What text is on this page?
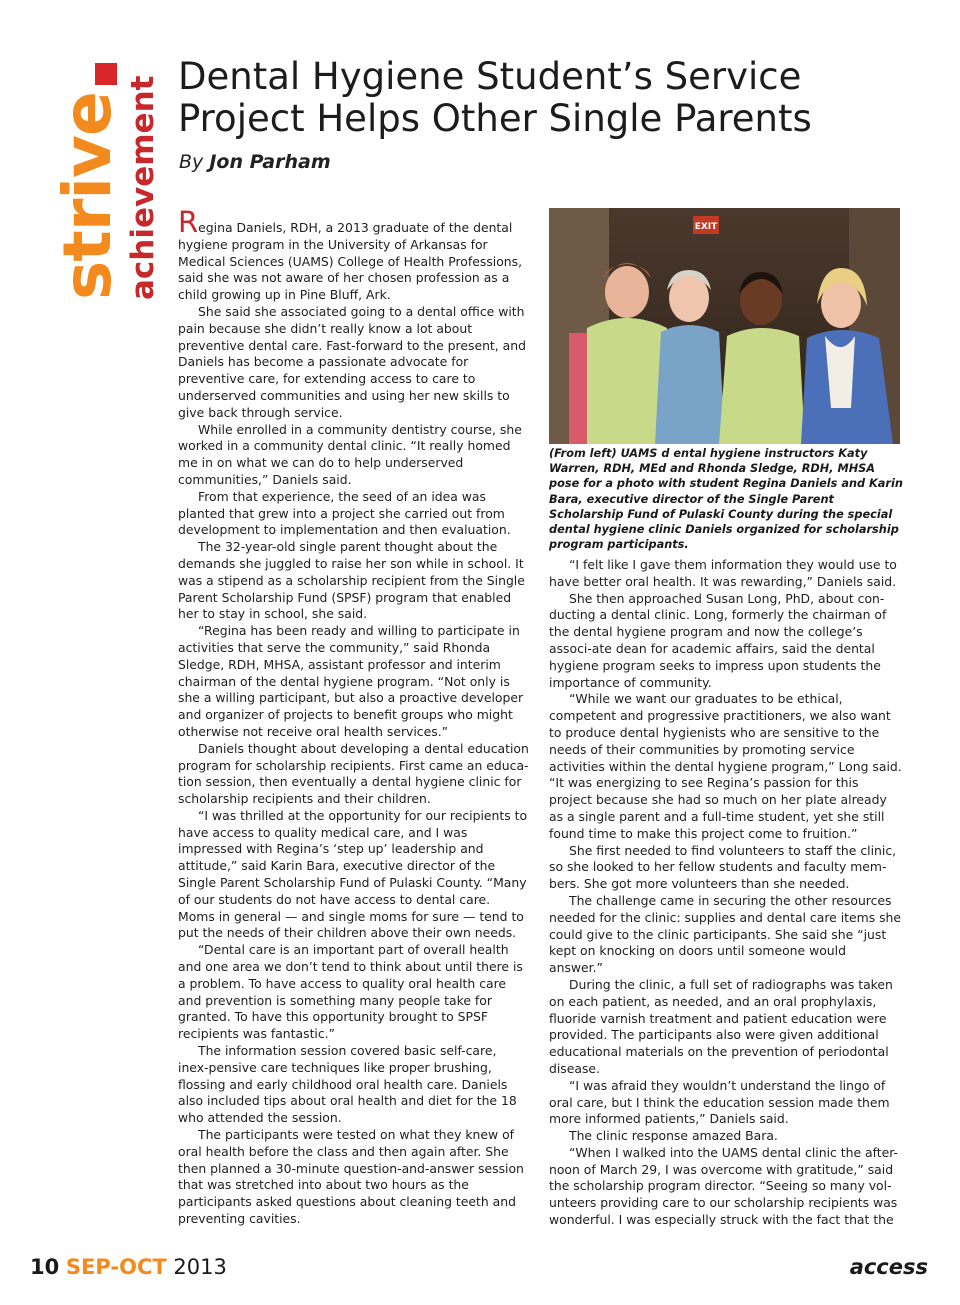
strive achievement Dental Hygiene Student’s Service Project Helps Other Single Parents
By Jon Parham

Regina Daniels, RDH, a 2013 graduate of the dental hygiene program in the University of Arkansas for Medical Sciences (UAMS) College of Health Professions, said she was not aware of her chosen profession as a child growing up in Pine Bluff, Ark.

She said she associated going to a dental office with pain because she didn’t really know a lot about preventive dental care. Fast-forward to the present, and Daniels has become a passionate advocate for preventive care, for extending access to care to underserved communities and using her new skills to give back through service.

While enrolled in a community dentistry course, she worked in a community dental clinic. “It really homed me in on what we can do to help underserved communities,” Daniels said.

From that experience, the seed of an idea was planted that grew into a project she carried out from development to implementation and then evaluation.

The 32-year-old single parent thought about the demands she juggled to raise her son while in school. It was a stipend as a scholarship recipient from the Single Parent Scholarship Fund (SPSF) program that enabled her to stay in school, she said.

“Regina has been ready and willing to participate in activities that serve the community,” said Rhonda Sledge, RDH, MHSA, assistant professor and interim chairman of the dental hygiene program. “Not only is she a willing participant, but also a proactive developer and organizer of projects to benefit groups who might otherwise not receive oral health services.”

Daniels thought about developing a dental education program for scholarship recipients. First came an educa-tion session, then eventually a dental hygiene clinic for scholarship recipients and their children.

“I was thrilled at the opportunity for our recipients to have access to quality medical care, and I was impressed with Regina’s ‘step up’ leadership and attitude,” said Karin Bara, executive director of the Single Parent Scholarship Fund of Pulaski County. “Many of our students do not have access to dental care. Moms in general — and single moms for sure — tend to put the needs of their children above their own needs.

“Dental care is an important part of overall health and one area we don’t tend to think about until there is a problem. To have access to quality oral health care and prevention is something many people take for granted. To have this opportunity brought to SPSF recipients was fantastic.”

The information session covered basic self-care, inex-pensive care techniques like proper brushing, flossing and early childhood oral health care. Daniels also included tips about oral health and diet for the 18 who attended the session.

The participants were tested on what they knew of oral health before the class and then again after. She then planned a 30-minute question-and-answer session that was stretched into about two hours as the participants asked questions about cleaning teeth and preventing cavities.

EXIT
(From left) UAMS d ental hygiene instructors Katy Warren, RDH, MEd and Rhonda Sledge, RDH, MHSA pose for a photo with student Regina Daniels and Karin Bara, executive director of the Single Parent Scholarship Fund of Pulaski County during the special dental hygiene clinic Daniels organized for scholarship program participants.

“I felt like I gave them information they would use to have better oral health. It was rewarding,” Daniels said.

She then approached Susan Long, PhD, about con-ducting a dental clinic. Long, formerly the chairman of the dental hygiene program and now the college’s associ-ate dean for academic affairs, said the dental hygiene program seeks to impress upon students the importance of community.

“While we want our graduates to be ethical, competent and progressive practitioners, we also want to produce dental hygienists who are sensitive to the needs of their communities by promoting service activities within the dental hygiene program,” Long said. “It was energizing to see Regina’s passion for this project because she had so much on her plate already as a single parent and a full-time student, yet she still found time to make this project come to fruition.”

She first needed to find volunteers to staff the clinic, so she looked to her fellow students and faculty mem-bers. She got more volunteers than she needed.

The challenge came in securing the other resources needed for the clinic: supplies and dental care items she could give to the clinic participants. She said she “just kept on knocking on doors until someone would answer.”

During the clinic, a full set of radiographs was taken on each patient, as needed, and an oral prophylaxis, fluoride varnish treatment and patient education were provided. The participants also were given additional educational materials on the prevention of periodontal disease.

“I was afraid they wouldn’t understand the lingo of oral care, but I think the education session made them more informed patients,” Daniels said.

The clinic response amazed Bara.

“When I walked into the UAMS dental clinic the after-noon of March 29, I was overcome with gratitude,” said the scholarship program director. “Seeing so many vol-unteers providing care to our scholarship recipients was wonderful. I was especially struck with the fact that the

10 SEP-OCT 2013	access
